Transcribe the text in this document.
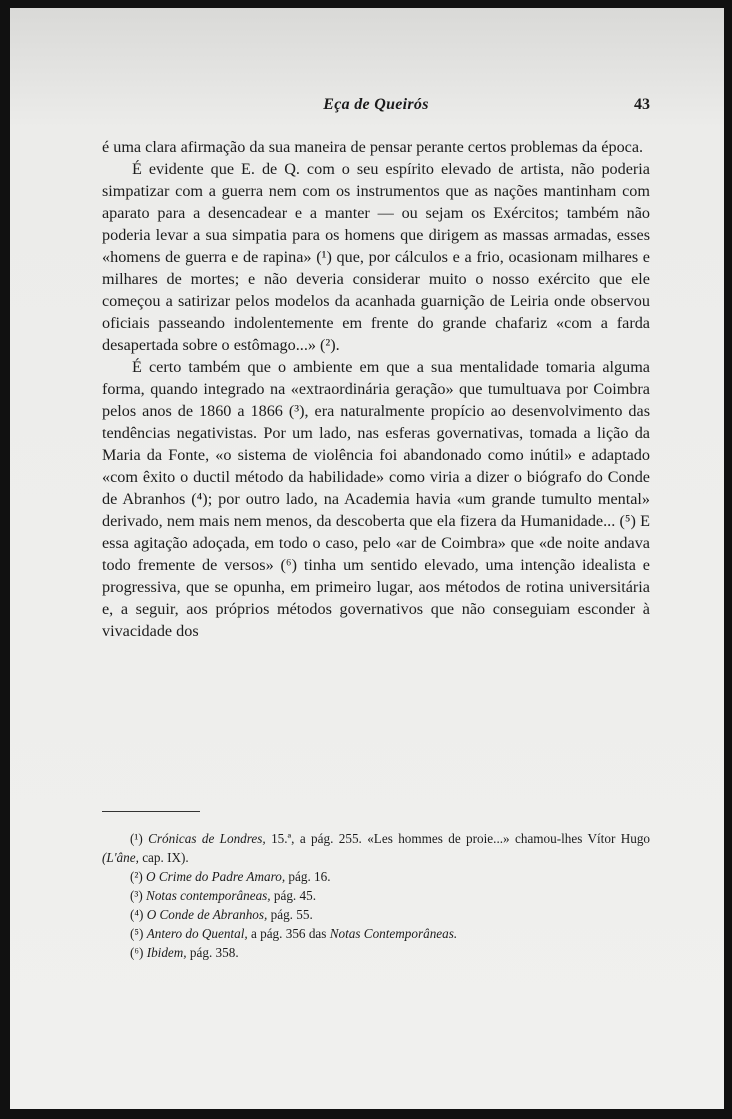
Eça de Queirós	43

é uma clara afirmação da sua maneira de pensar perante certos problemas da época.

É evidente que E. de Q. com o seu espírito elevado de artista, não poderia simpatizar com a guerra nem com os instrumentos que as nações mantinham com aparato para a desencadear e a manter — ou sejam os Exércitos; também não poderia levar a sua simpatia para os homens que dirigem as massas armadas, esses «homens de guerra e de rapina» (¹) que, por cálculos e a frio, ocasionam milhares e milhares de mortes; e não deveria considerar muito o nosso exército que ele começou a satirizar pelos modelos da acanhada guarnição de Leiria onde observou oficiais passeando indolentemente em frente do grande chafariz «com a farda desapertada sobre o estômago...» (²).

É certo também que o ambiente em que a sua mentalidade tomaria alguma forma, quando integrado na «extraordinária geração» que tumultuava por Coimbra pelos anos de 1860 a 1866 (³), era naturalmente propício ao desenvolvimento das tendências negativistas. Por um lado, nas esferas governativas, tomada a lição da Maria da Fonte, «o sistema de violência foi abandonado como inútil» e adaptado «com êxito o ductil método da habilidade» como viria a dizer o biógrafo do Conde de Abranhos (⁴); por outro lado, na Academia havia «um grande tumulto mental» derivado, nem mais nem menos, da descoberta que ela fizera da Humanidade... (⁵) E essa agitação adoçada, em todo o caso, pelo «ar de Coimbra» que «de noite andava todo fremente de versos» (⁶) tinha um sentido elevado, uma intenção idealista e progressiva, que se opunha, em primeiro lugar, aos métodos de rotina universitária e, a seguir, aos próprios métodos governativos que não conseguiam esconder à vivacidade dos

(¹) Crónicas de Londres, 15.ª, a pág. 255. «Les hommes de proie...» chamou-lhes Vítor Hugo (L'âne, cap. IX).

(²) O Crime do Padre Amaro, pág. 16.

(³) Notas contemporâneas, pág. 45.

(⁴) O Conde de Abranhos, pág. 55.

(⁵) Antero do Quental, a pág. 356 das Notas Contemporâneas.

(⁶) Ibidem, pág. 358.
